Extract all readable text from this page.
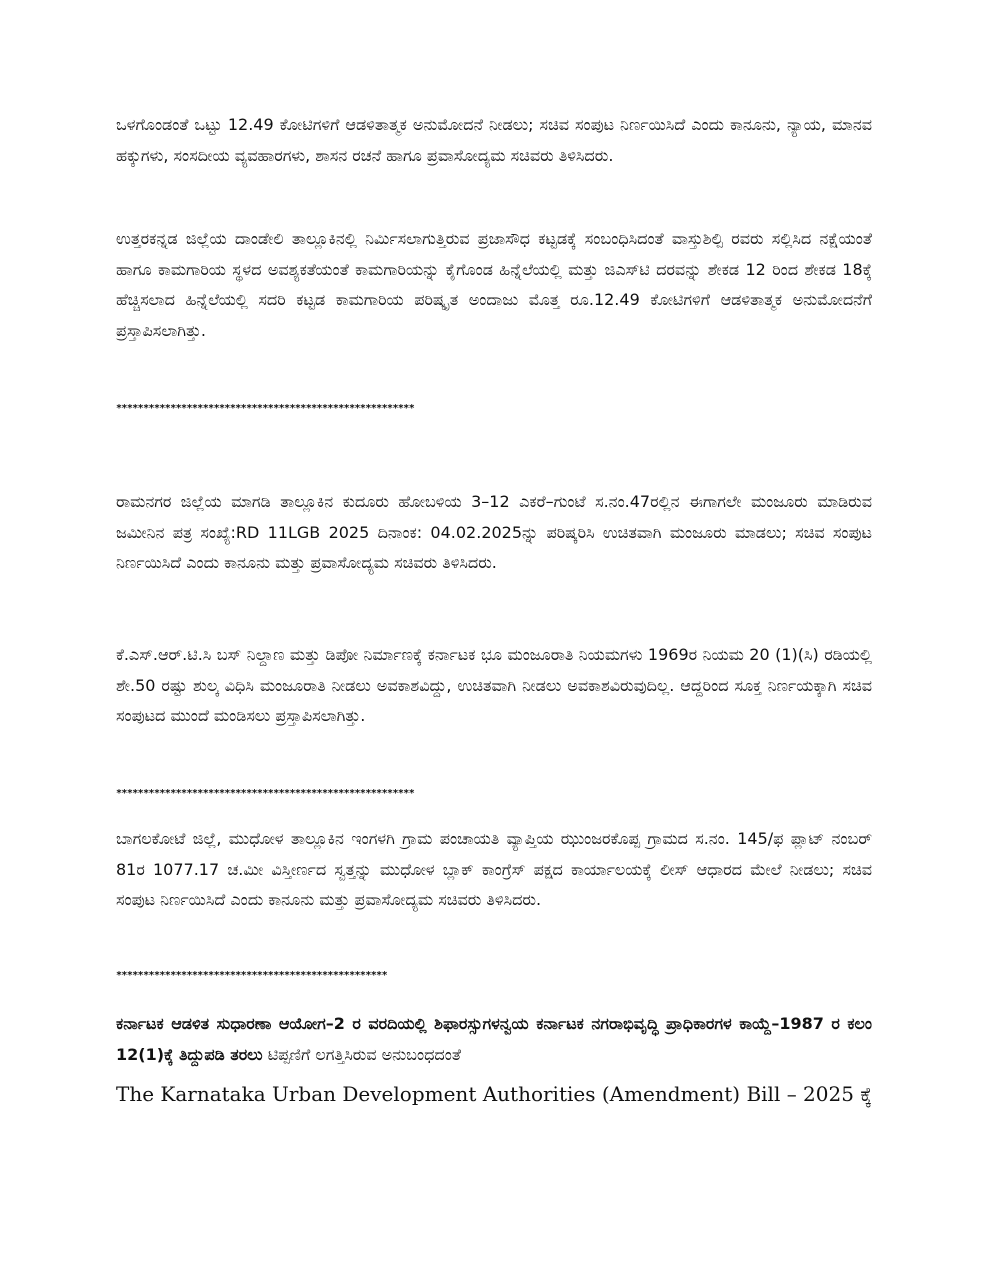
ಒಳಗೊಂಡಂತೆ ಒಟ್ಟು 12.49 ಕೋಟಿಗಳಿಗೆ ಆಡಳಿತಾತ್ಮಕ ಅನುಮೋದನೆ ನೀಡಲು; ಸಚಿವ ಸಂಪುಟ ನಿರ್ಣಯಿಸಿದೆ ಎಂದು ಕಾನೂನು, ನ್ಯಾಯ, ಮಾನವ ಹಕ್ಕುಗಳು, ಸಂಸದೀಯ ವ್ಯವಹಾರಗಳು, ಶಾಸನ ರಚನೆ ಹಾಗೂ ಪ್ರವಾಸೋದ್ಯಮ ಸಚಿವರು ತಿಳಿಸಿದರು.

ಉತ್ತರಕನ್ನಡ ಜಿಲ್ಲೆಯ ದಾಂಡೇಲಿ ತಾಲ್ಲೂಕಿನಲ್ಲಿ ನಿರ್ಮಿಸಲಾಗುತ್ತಿರುವ ಪ್ರಜಾಸೌಧ ಕಟ್ಟಡಕ್ಕೆ ಸಂಬಂಧಿಸಿದಂತೆ ವಾಸ್ತುಶಿಲ್ಪಿ ರವರು ಸಲ್ಲಿಸಿದ ನಕ್ಷೆಯಂತೆ ಹಾಗೂ ಕಾಮಗಾರಿಯ ಸ್ಥಳದ ಅವಶ್ಯಕತೆಯಂತೆ ಕಾಮಗಾರಿಯನ್ನು ಕೈಗೊಂಡ ಹಿನ್ನೆಲೆಯಲ್ಲಿ ಮತ್ತು ಜಿಎಸ್‌ಟಿ ದರವನ್ನು ಶೇಕಡ 12 ರಿಂದ ಶೇಕಡ 18ಕ್ಕೆ ಹೆಚ್ಚಿಸಲಾದ ಹಿನ್ನೆಲೆಯಲ್ಲಿ ಸದರಿ ಕಟ್ಟಡ ಕಾಮಗಾರಿಯ ಪರಿಷ್ಕೃತ ಅಂದಾಜು ಮೊತ್ತ ರೂ.12.49 ಕೋಟಿಗಳಿಗೆ ಆಡಳಿತಾತ್ಮಕ ಅನುಮೋದನೆಗೆ ಪ್ರಸ್ತಾಪಿಸಲಾಗಿತ್ತು.

*******************************************************

ರಾಮನಗರ ಜಿಲ್ಲೆಯ ಮಾಗಡಿ ತಾಲ್ಲೂಕಿನ ಕುದೂರು ಹೋಬಳಿಯ 3–12 ಎಕರೆ–ಗುಂಟೆ ಸ.ನಂ.47ರಲ್ಲಿನ ಈಗಾಗಲೇ ಮಂಜೂರು ಮಾಡಿರುವ ಜಮೀನಿನ ಪತ್ರ ಸಂಖ್ಯೆ:RD 11LGB 2025 ದಿನಾಂಕ: 04.02.2025ನ್ನು ಪರಿಷ್ಕರಿಸಿ ಉಚಿತವಾಗಿ ಮಂಜೂರು ಮಾಡಲು; ಸಚಿವ ಸಂಪುಟ ನಿರ್ಣಯಿಸಿದೆ ಎಂದು ಕಾನೂನು ಮತ್ತು ಪ್ರವಾಸೋದ್ಯಮ ಸಚಿವರು ತಿಳಿಸಿದರು.

ಕೆ.ಎಸ್.ಆರ್.ಟಿ.ಸಿ ಬಸ್ ನಿಲ್ದಾಣ ಮತ್ತು ಡಿಪೋ ನಿರ್ಮಾಣಕ್ಕೆ ಕರ್ನಾಟಕ ಭೂ ಮಂಜೂರಾತಿ ನಿಯಮಗಳು 1969ರ ನಿಯಮ 20 (1)(ಸಿ) ರಡಿಯಲ್ಲಿ ಶೇ.50 ರಷ್ಟು ಶುಲ್ಕ ವಿಧಿಸಿ ಮಂಜೂರಾತಿ ನೀಡಲು ಅವಕಾಶವಿದ್ದು, ಉಚಿತವಾಗಿ ನೀಡಲು ಅವಕಾಶವಿರುವುದಿಲ್ಲ. ಆದ್ದರಿಂದ ಸೂಕ್ತ ನಿರ್ಣಯಕ್ಕಾಗಿ ಸಚಿವ ಸಂಪುಟದ ಮುಂದೆ ಮಂಡಿಸಲು ಪ್ರಸ್ತಾಪಿಸಲಾಗಿತ್ತು.

*******************************************************

ಬಾಗಲಕೋಟೆ ಜಿಲ್ಲೆ, ಮುಧೋಳ ತಾಲ್ಲೂಕಿನ ಇಂಗಳಗಿ ಗ್ರಾಮ ಪಂಚಾಯತಿ ವ್ಯಾಪ್ತಿಯ ಝುಂಜರಕೊಪ್ಪ ಗ್ರಾಮದ ಸ.ನಂ. 145/ಫ ಪ್ಲಾಟ್ ನಂಬರ್ 81ರ 1077.17 ಚ.ಮೀ ವಿಸ್ತೀರ್ಣದ ಸ್ವತ್ತನ್ನು ಮುಧೋಳ ಬ್ಲಾಕ್ ಕಾಂಗ್ರೆಸ್ ಪಕ್ಷದ ಕಾರ್ಯಾಲಯಕ್ಕೆ ಲೀಸ್ ಆಧಾರದ ಮೇಲೆ ನೀಡಲು; ಸಚಿವ ಸಂಪುಟ ನಿರ್ಣಯಿಸಿದೆ ಎಂದು ಕಾನೂನು ಮತ್ತು ಪ್ರವಾಸೋದ್ಯಮ ಸಚಿವರು ತಿಳಿಸಿದರು.

**************************************************

ಕರ್ನಾಟಕ ಆಡಳಿತ ಸುಧಾರಣಾ ಆಯೋಗ–2 ರ ವರದಿಯಲ್ಲಿ ಶಿಫಾರಸ್ಸುಗಳನ್ವಯ ಕರ್ನಾಟಕ ನಗರಾಭಿವೃದ್ಧಿ ಪ್ರಾಧಿಕಾರಗಳ ಕಾಯ್ದೆ–1987 ರ ಕಲಂ 12(1)ಕ್ಕೆ ತಿದ್ದುಪಡಿ ತರಲು ಟಿಪ್ಪಣಿಗೆ ಲಗತ್ತಿಸಿರುವ ಅನುಬಂಧದಂತೆ

The Karnataka Urban Development Authorities (Amendment) Bill – 2025 ಕ್ಕೆ
